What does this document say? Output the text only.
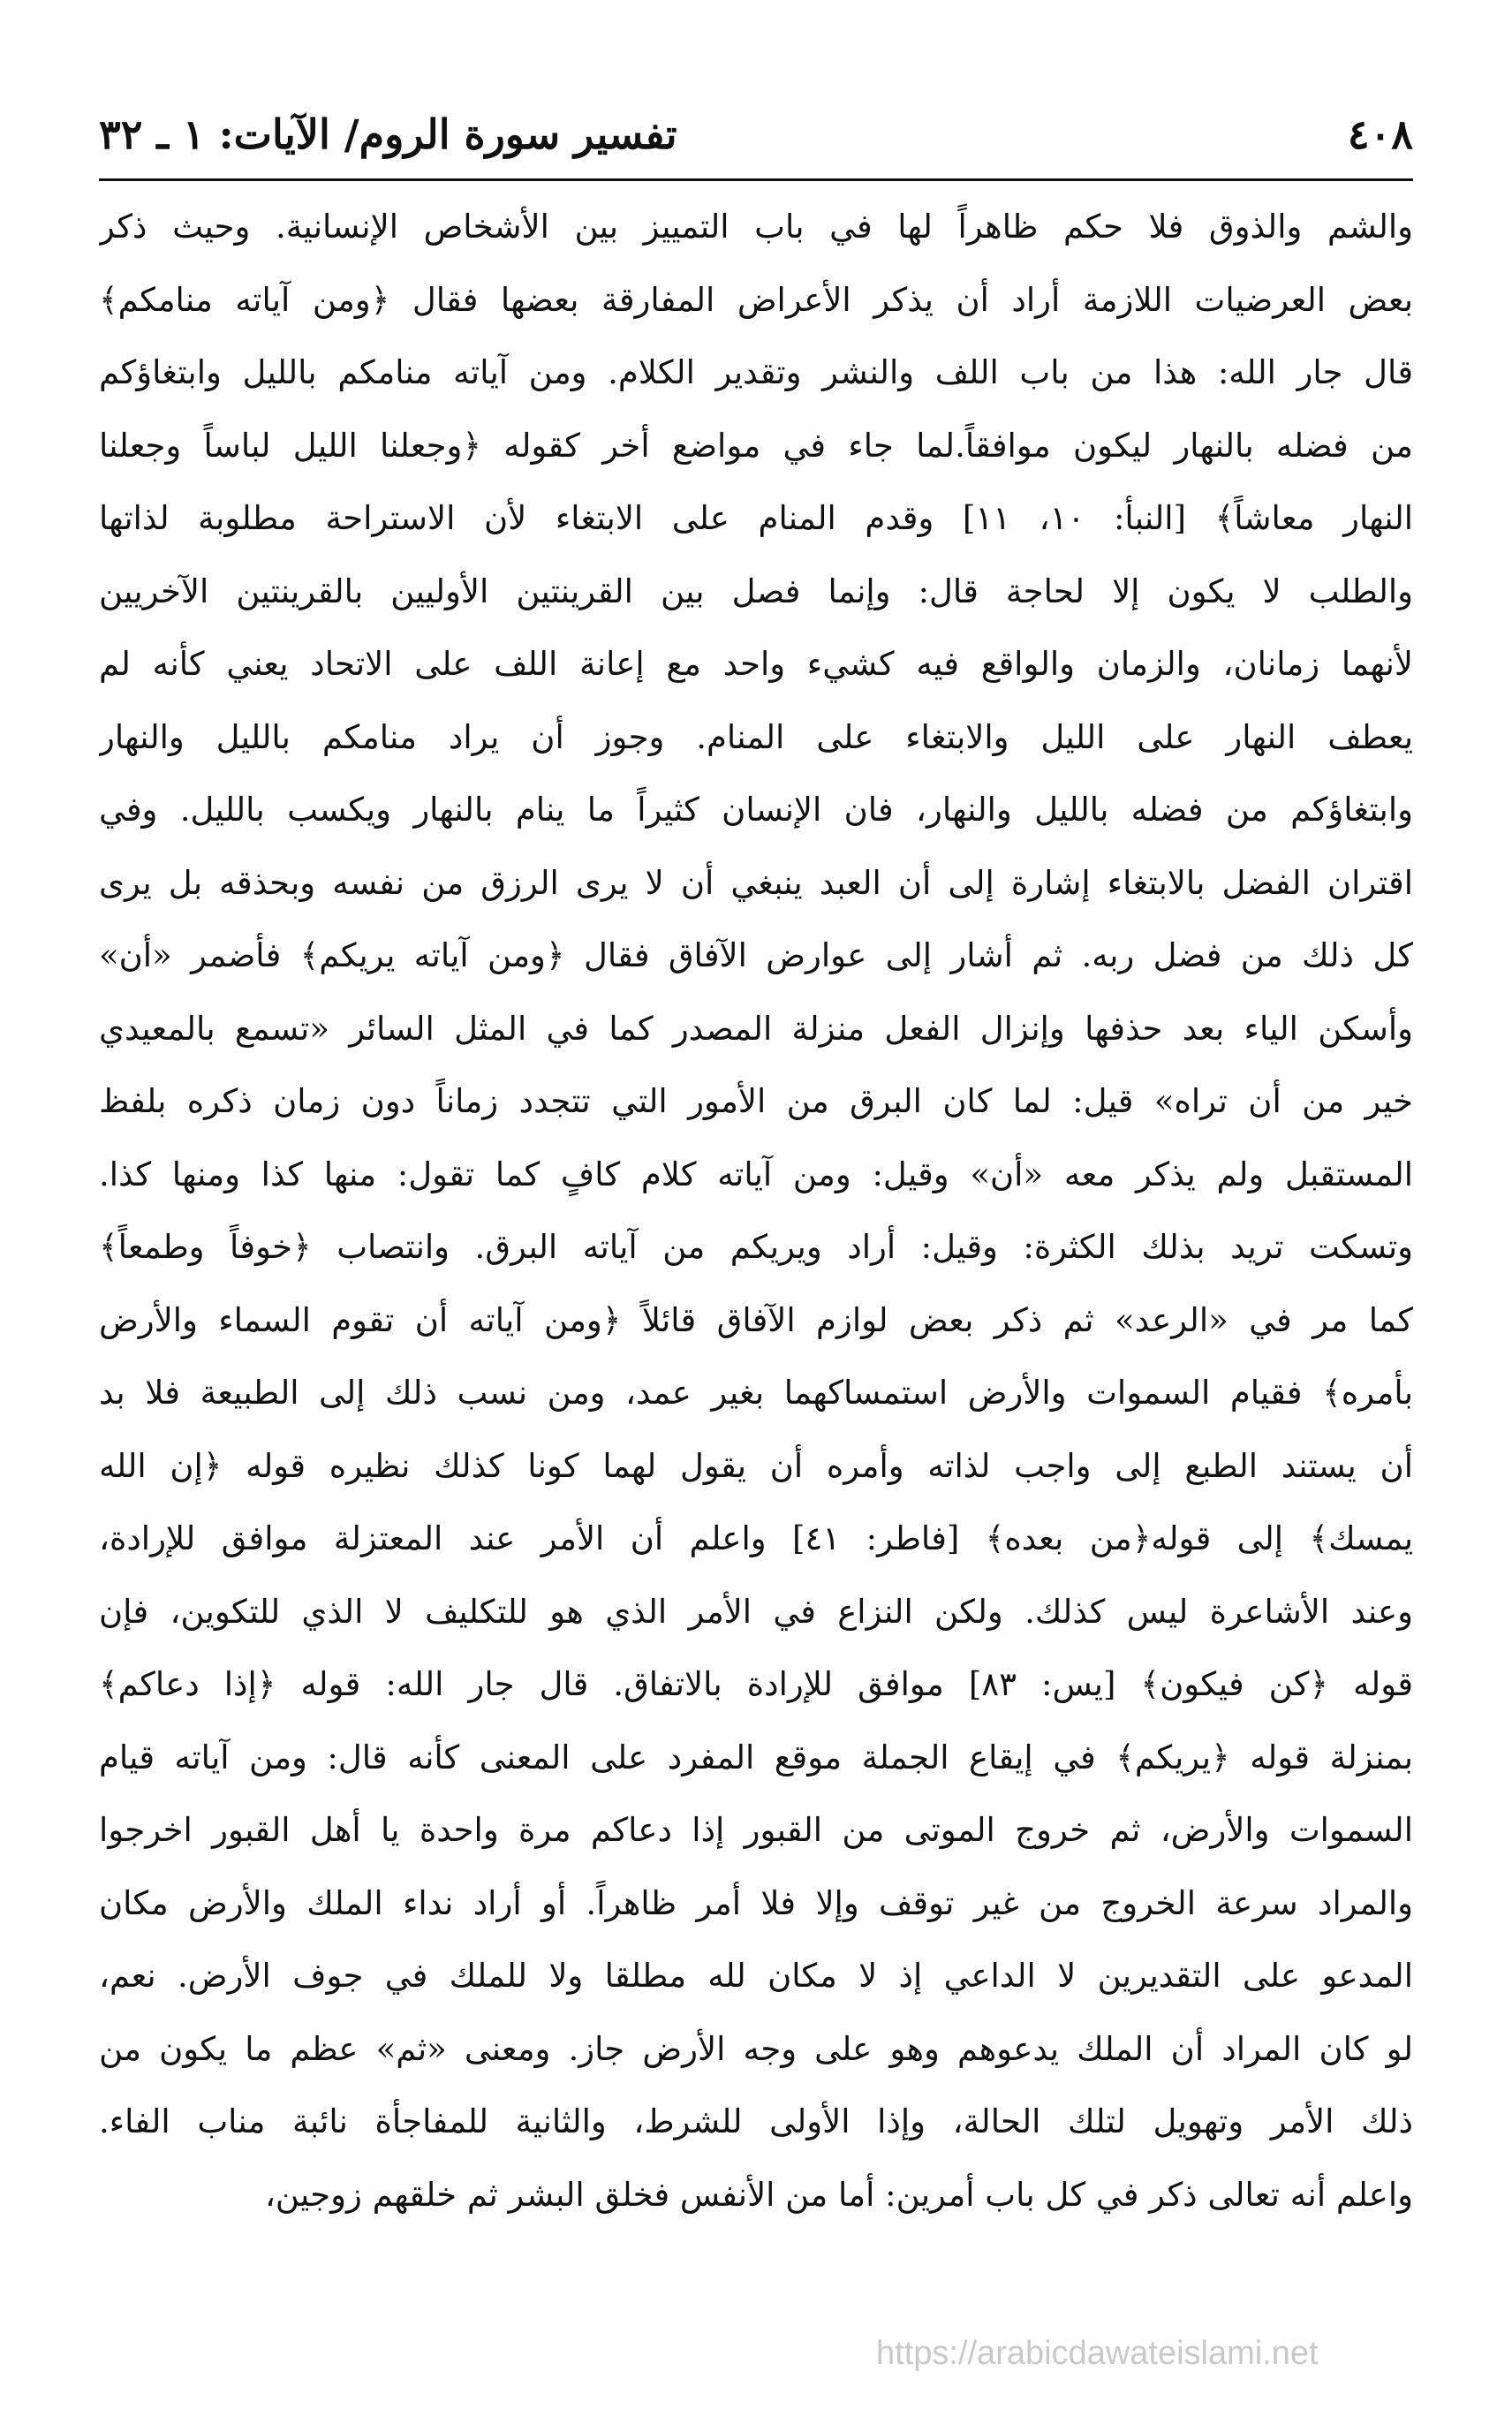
٤٠٨
تفسير سورة الروم/ الآيات: ١ ـ ٣٢
والشم والذوق فلا حكم ظاهراً لها في باب التمييز بين الأشخاص الإنسانية. وحيث ذكر
بعض العرضيات اللازمة أراد أن يذكر الأعراض المفارقة بعضها فقال ﴿ومن آياته منامكم﴾
قال جار الله: هذا من باب اللف والنشر وتقدير الكلام. ومن آياته منامكم بالليل وابتغاؤكم
من فضله بالنهار ليكون موافقاً.لما جاء في مواضع أخر كقوله ﴿وجعلنا الليل لباساً وجعلنا
النهار معاشاً﴾ [النبأ: ١٠، ١١] وقدم المنام على الابتغاء لأن الاستراحة مطلوبة لذاتها
والطلب لا يكون إلا لحاجة قال: وإنما فصل بين القرينتين الأوليين بالقرينتين الآخريين
لأنهما زمانان، والزمان والواقع فيه كشيء واحد مع إعانة اللف على الاتحاد يعني كأنه لم
يعطف النهار على الليل والابتغاء على المنام. وجوز أن يراد منامكم بالليل والنهار
وابتغاؤكم من فضله بالليل والنهار، فان الإنسان كثيراً ما ينام بالنهار ويكسب بالليل. وفي
اقتران الفضل بالابتغاء إشارة إلى أن العبد ينبغي أن لا يرى الرزق من نفسه وبحذقه بل يرى
كل ذلك من فضل ربه. ثم أشار إلى عوارض الآفاق فقال ﴿ومن آياته يريكم﴾ فأضمر «أن»
وأسكن الياء بعد حذفها وإنزال الفعل منزلة المصدر كما في المثل السائر «تسمع بالمعيدي
خير من أن تراه» قيل: لما كان البرق من الأمور التي تتجدد زماناً دون زمان ذكره بلفظ
المستقبل ولم يذكر معه «أن» وقيل: ومن آياته كلام كافٍ كما تقول: منها كذا ومنها كذا.
وتسكت تريد بذلك الكثرة: وقيل: أراد ويريكم من آياته البرق. وانتصاب ﴿خوفاً وطمعاً﴾
كما مر في «الرعد» ثم ذكر بعض لوازم الآفاق قائلاً ﴿ومن آياته أن تقوم السماء والأرض
بأمره﴾ فقيام السموات والأرض استمساكهما بغير عمد، ومن نسب ذلك إلى الطبيعة فلا بد
أن يستند الطبع إلى واجب لذاته وأمره أن يقول لهما كونا كذلك نظيره قوله ﴿إن الله
يمسك﴾ إلى قوله﴿من بعده﴾ [فاطر: ٤١] واعلم أن الأمر عند المعتزلة موافق للإرادة،
وعند الأشاعرة ليس كذلك. ولكن النزاع في الأمر الذي هو للتكليف لا الذي للتكوين، فإن
قوله ﴿كن فيكون﴾ [يس: ٨٣] موافق للإرادة بالاتفاق. قال جار الله: قوله ﴿إذا دعاكم﴾
بمنزلة قوله ﴿يريكم﴾ في إيقاع الجملة موقع المفرد على المعنى كأنه قال: ومن آياته قيام
السموات والأرض، ثم خروج الموتى من القبور إذا دعاكم مرة واحدة يا أهل القبور اخرجوا
والمراد سرعة الخروج من غير توقف وإلا فلا أمر ظاهراً. أو أراد نداء الملك والأرض مكان
المدعو على التقديرين لا الداعي إذ لا مكان لله مطلقا ولا للملك في جوف الأرض. نعم،
لو كان المراد أن الملك يدعوهم وهو على وجه الأرض جاز. ومعنى «ثم» عظم ما يكون من
ذلك الأمر وتهويل لتلك الحالة، وإذا الأولى للشرط، والثانية للمفاجأة نائبة مناب الفاء.
واعلم أنه تعالى ذكر في كل باب أمرين: أما من الأنفس فخلق البشر ثم خلقهم زوجين،
https://arabicdawateislami.net
